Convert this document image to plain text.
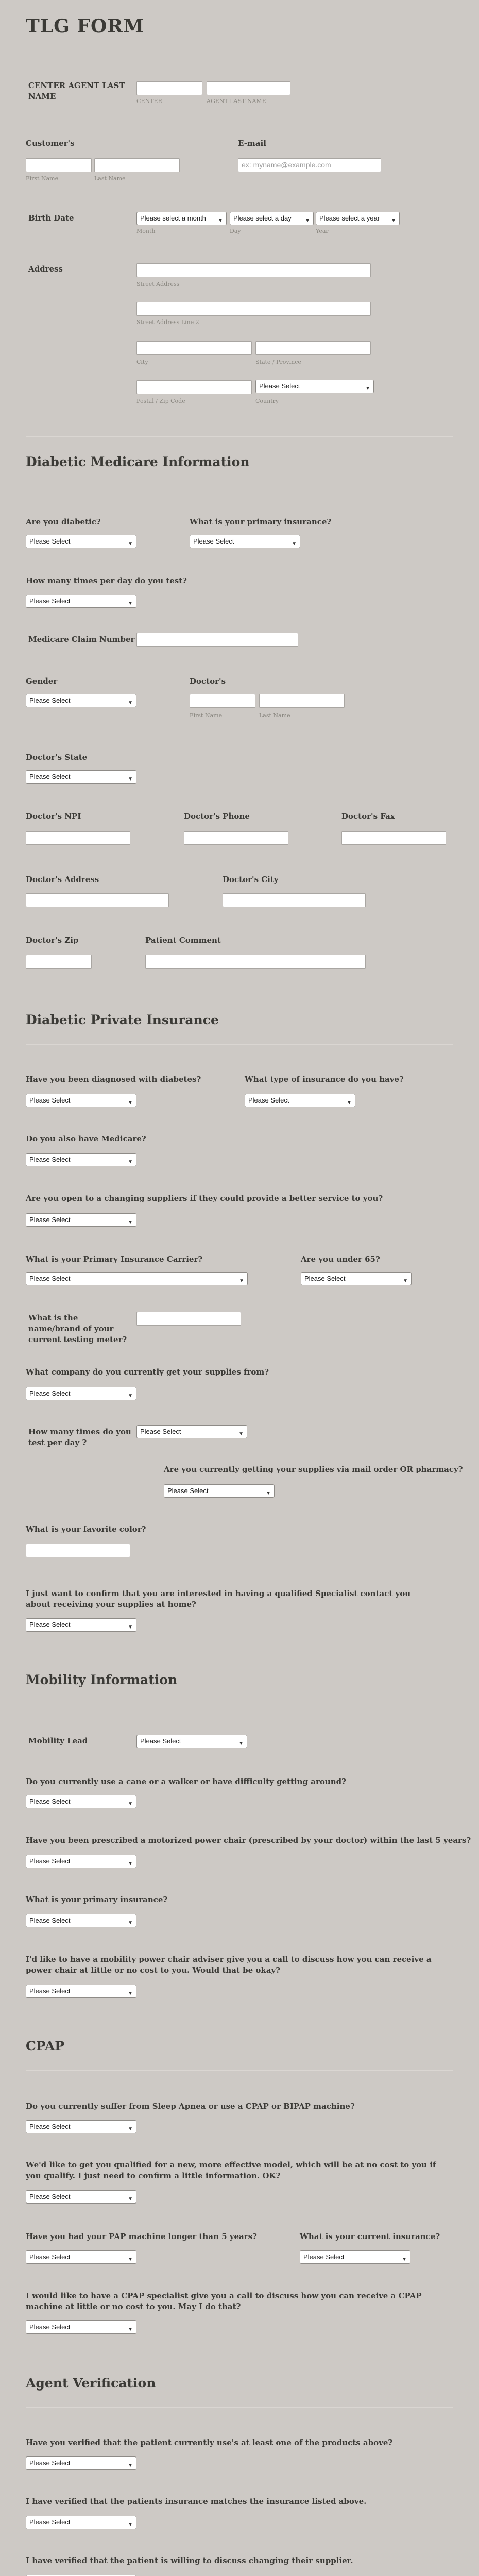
TLG FORM
CENTER AGENT LAST NAME
CENTER	AGENT LAST NAME
Customer's
First Name	Last Name
E-mail
ex: myname@example.com
Birth Date	Please select a month ▼	Please select a day	▼	Please select a year ▼
Month	Day	Year
Address
Street Address
Street Address Line 2
City	State / Province
Please Select	▼
Postal / Zip Code	Country
Diabetic Medicare Information
Are you diabetic?
Please Select	▼
What is your primary insurance?
Please Select	▼
How many times per day do you test?
Please Select	▼
Medicare Claim Number
Gender
Please Select	▼
Doctor's
First Name	Last Name
Doctor's State
Please Select	▼
Doctor's NPI	Doctor's Phone	Doctor's Fax
Doctor's Address	Doctor's City
Doctor's Zip	Patient Comment
Diabetic Private Insurance
Have you been diagnosed with diabetes?
Please Select	▼
What type of insurance do you have?
Please Select	▼
Do you also have Medicare?
Please Select	▼
Are you open to a changing suppliers if they could provide a better service to you?
Please Select	▼
What is your Primary Insurance Carrier?
Please Select	▼
Are you under 65?
Please Select	▼
What is the name/brand of your current testing meter?
What company do you currently get your supplies from?
Please Select	▼
How many times do you test per day ?
Please Select	▼
Are you currently getting your supplies via mail order OR pharmacy?
Please Select	▼
What is your favorite color?
I just want to confirm that you are interested in having a qualified Specialist contact you about receiving your supplies at home?
Please Select	▼
Mobility Information
Mobility Lead	Please Select	▼
Do you currently use a cane or a walker or have difficulty getting around?
Please Select	▼
Have you been prescribed a motorized power chair (prescribed by your doctor) within the last 5 years?
Please Select	▼
What is your primary insurance?
Please Select	▼
I'd like to have a mobility power chair adviser give you a call to discuss how you can receive a power chair at little or no cost to you. Would that be okay?
Please Select	▼
CPAP
Do you currently suffer from Sleep Apnea or use a CPAP or BIPAP machine?
Please Select	▼
We'd like to get you qualified for a new, more effective model, which will be at no cost to you if you qualify. I just need to confirm a little information. OK?
Please Select	▼
Have you had your PAP machine longer than 5 years?
Please Select	▼
What is your current insurance?
Please Select	▼
I would like to have a CPAP specialist give you a call to discuss how you can receive a CPAP machine at little or no cost to you. May I do that?
Please Select	▼
Agent Verification
Have you verified that the patient currently use's at least one of the products above?
Please Select	▼
I have verified that the patients insurance matches the insurance listed above.
Please Select	▼
I have verified that the patient is willing to discuss changing their supplier.
